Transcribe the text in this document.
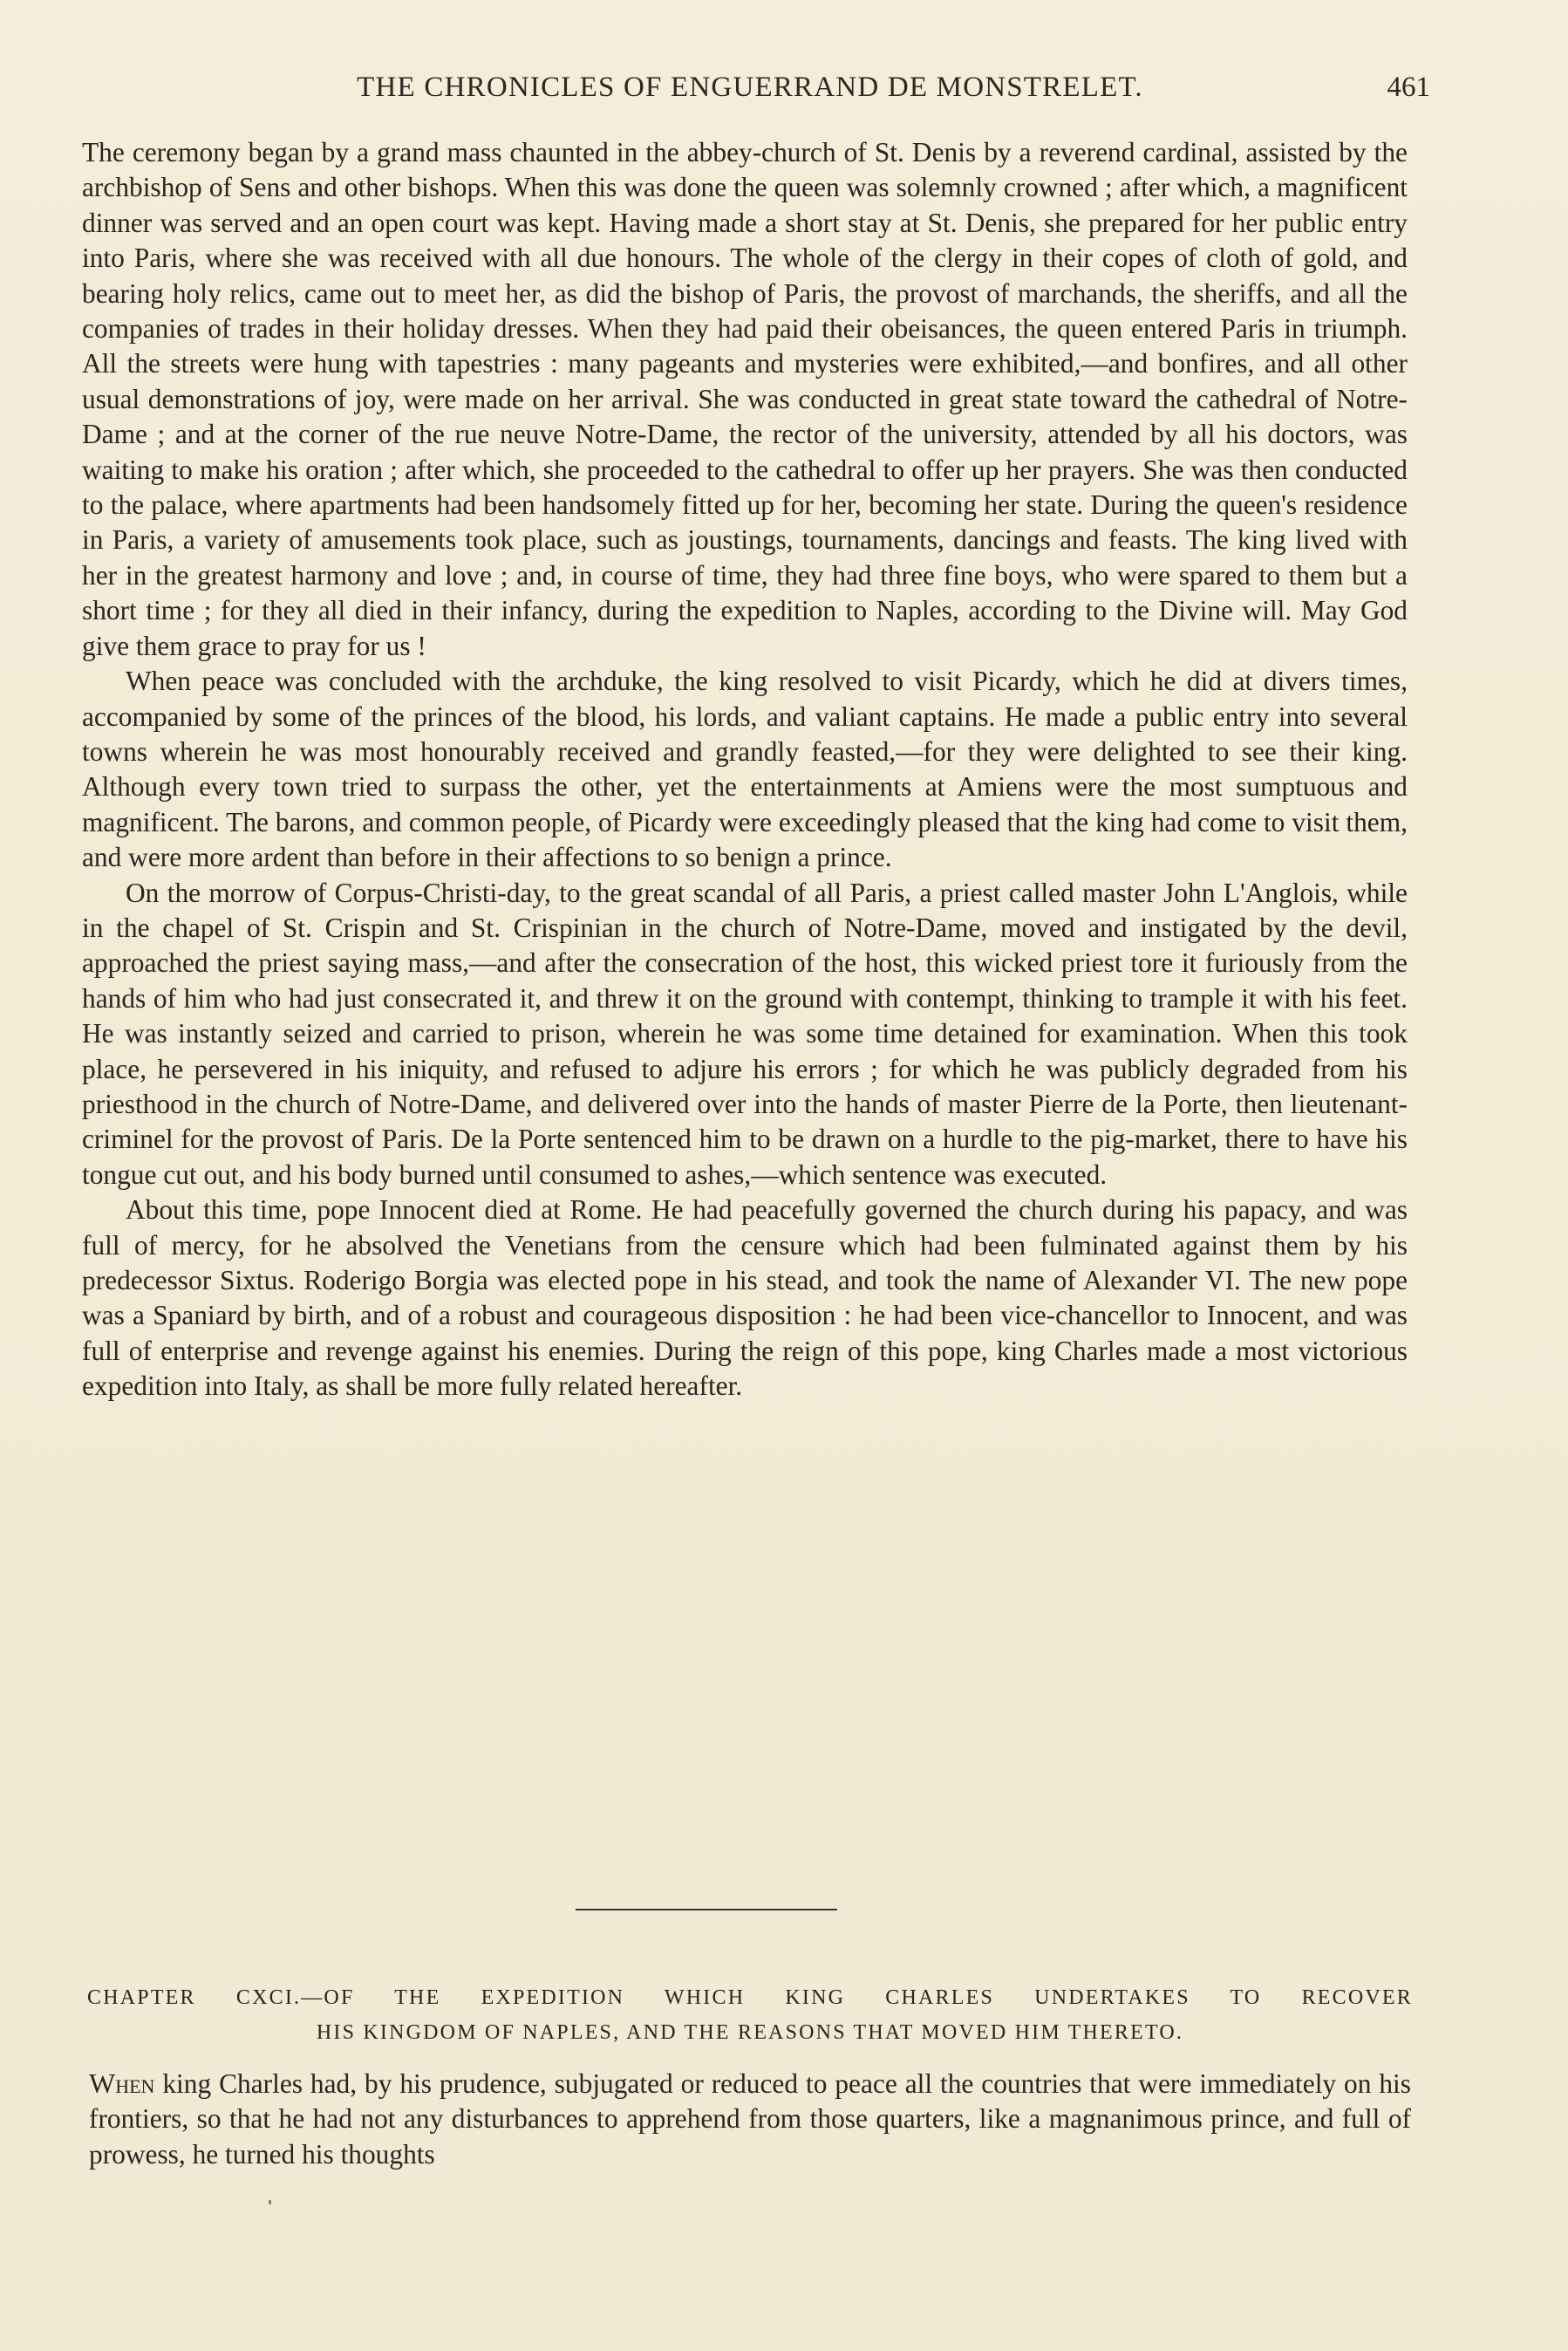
THE CHRONICLES OF ENGUERRAND DE MONSTRELET.	461

The ceremony began by a grand mass chaunted in the abbey-church of St. Denis by a reverend cardinal, assisted by the archbishop of Sens and other bishops. When this was done the queen was solemnly crowned ; after which, a magnificent dinner was served and an open court was kept. Having made a short stay at St. Denis, she prepared for her public entry into Paris, where she was received with all due honours. The whole of the clergy in their copes of cloth of gold, and bearing holy relics, came out to meet her, as did the bishop of Paris, the provost of marchands, the sheriffs, and all the companies of trades in their holiday dresses. When they had paid their obeisances, the queen entered Paris in triumph. All the streets were hung with tapestries : many pageants and mysteries were exhibited,—and bonfires, and all other usual demonstrations of joy, were made on her arrival. She was conducted in great state toward the cathedral of Notre-Dame ; and at the corner of the rue neuve Notre-Dame, the rector of the university, attended by all his doctors, was waiting to make his oration ; after which, she proceeded to the cathedral to offer up her prayers. She was then conducted to the palace, where apartments had been handsomely fitted up for her, becoming her state. During the queen's residence in Paris, a variety of amusements took place, such as joustings, tournaments, dancings and feasts. The king lived with her in the greatest harmony and love ; and, in course of time, they had three fine boys, who were spared to them but a short time ; for they all died in their infancy, during the expedition to Naples, according to the Divine will. May God give them grace to pray for us !

When peace was concluded with the archduke, the king resolved to visit Picardy, which he did at divers times, accompanied by some of the princes of the blood, his lords, and valiant captains. He made a public entry into several towns wherein he was most honourably received and grandly feasted,—for they were delighted to see their king. Although every town tried to surpass the other, yet the entertainments at Amiens were the most sumptuous and magnificent. The barons, and common people, of Picardy were exceedingly pleased that the king had come to visit them, and were more ardent than before in their affections to so benign a prince.

On the morrow of Corpus-Christi-day, to the great scandal of all Paris, a priest called master John L'Anglois, while in the chapel of St. Crispin and St. Crispinian in the church of Notre-Dame, moved and instigated by the devil, approached the priest saying mass,—and after the consecration of the host, this wicked priest tore it furiously from the hands of him who had just consecrated it, and threw it on the ground with contempt, thinking to trample it with his feet. He was instantly seized and carried to prison, wherein he was some time detained for examination. When this took place, he persevered in his iniquity, and refused to adjure his errors ; for which he was publicly degraded from his priesthood in the church of Notre-Dame, and delivered over into the hands of master Pierre de la Porte, then lieutenant-criminel for the provost of Paris. De la Porte sentenced him to be drawn on a hurdle to the pig-market, there to have his tongue cut out, and his body burned until consumed to ashes,—which sentence was executed.

About this time, pope Innocent died at Rome. He had peacefully governed the church during his papacy, and was full of mercy, for he absolved the Venetians from the censure which had been fulminated against them by his predecessor Sixtus. Roderigo Borgia was elected pope in his stead, and took the name of Alexander VI. The new pope was a Spaniard by birth, and of a robust and courageous disposition : he had been vice-chancellor to Innocent, and was full of enterprise and revenge against his enemies. During the reign of this pope, king Charles made a most victorious expedition into Italy, as shall be more fully related hereafter.

CHAPTER CXCI.—OF THE EXPEDITION WHICH KING CHARLES UNDERTAKES TO RECOVER
HIS KINGDOM OF NAPLES, AND THE REASONS THAT MOVED HIM THERETO.

When king Charles had, by his prudence, subjugated or reduced to peace all the countries that were immediately on his frontiers, so that he had not any disturbances to apprehend from those quarters, like a magnanimous prince, and full of prowess, he turned his thoughts
